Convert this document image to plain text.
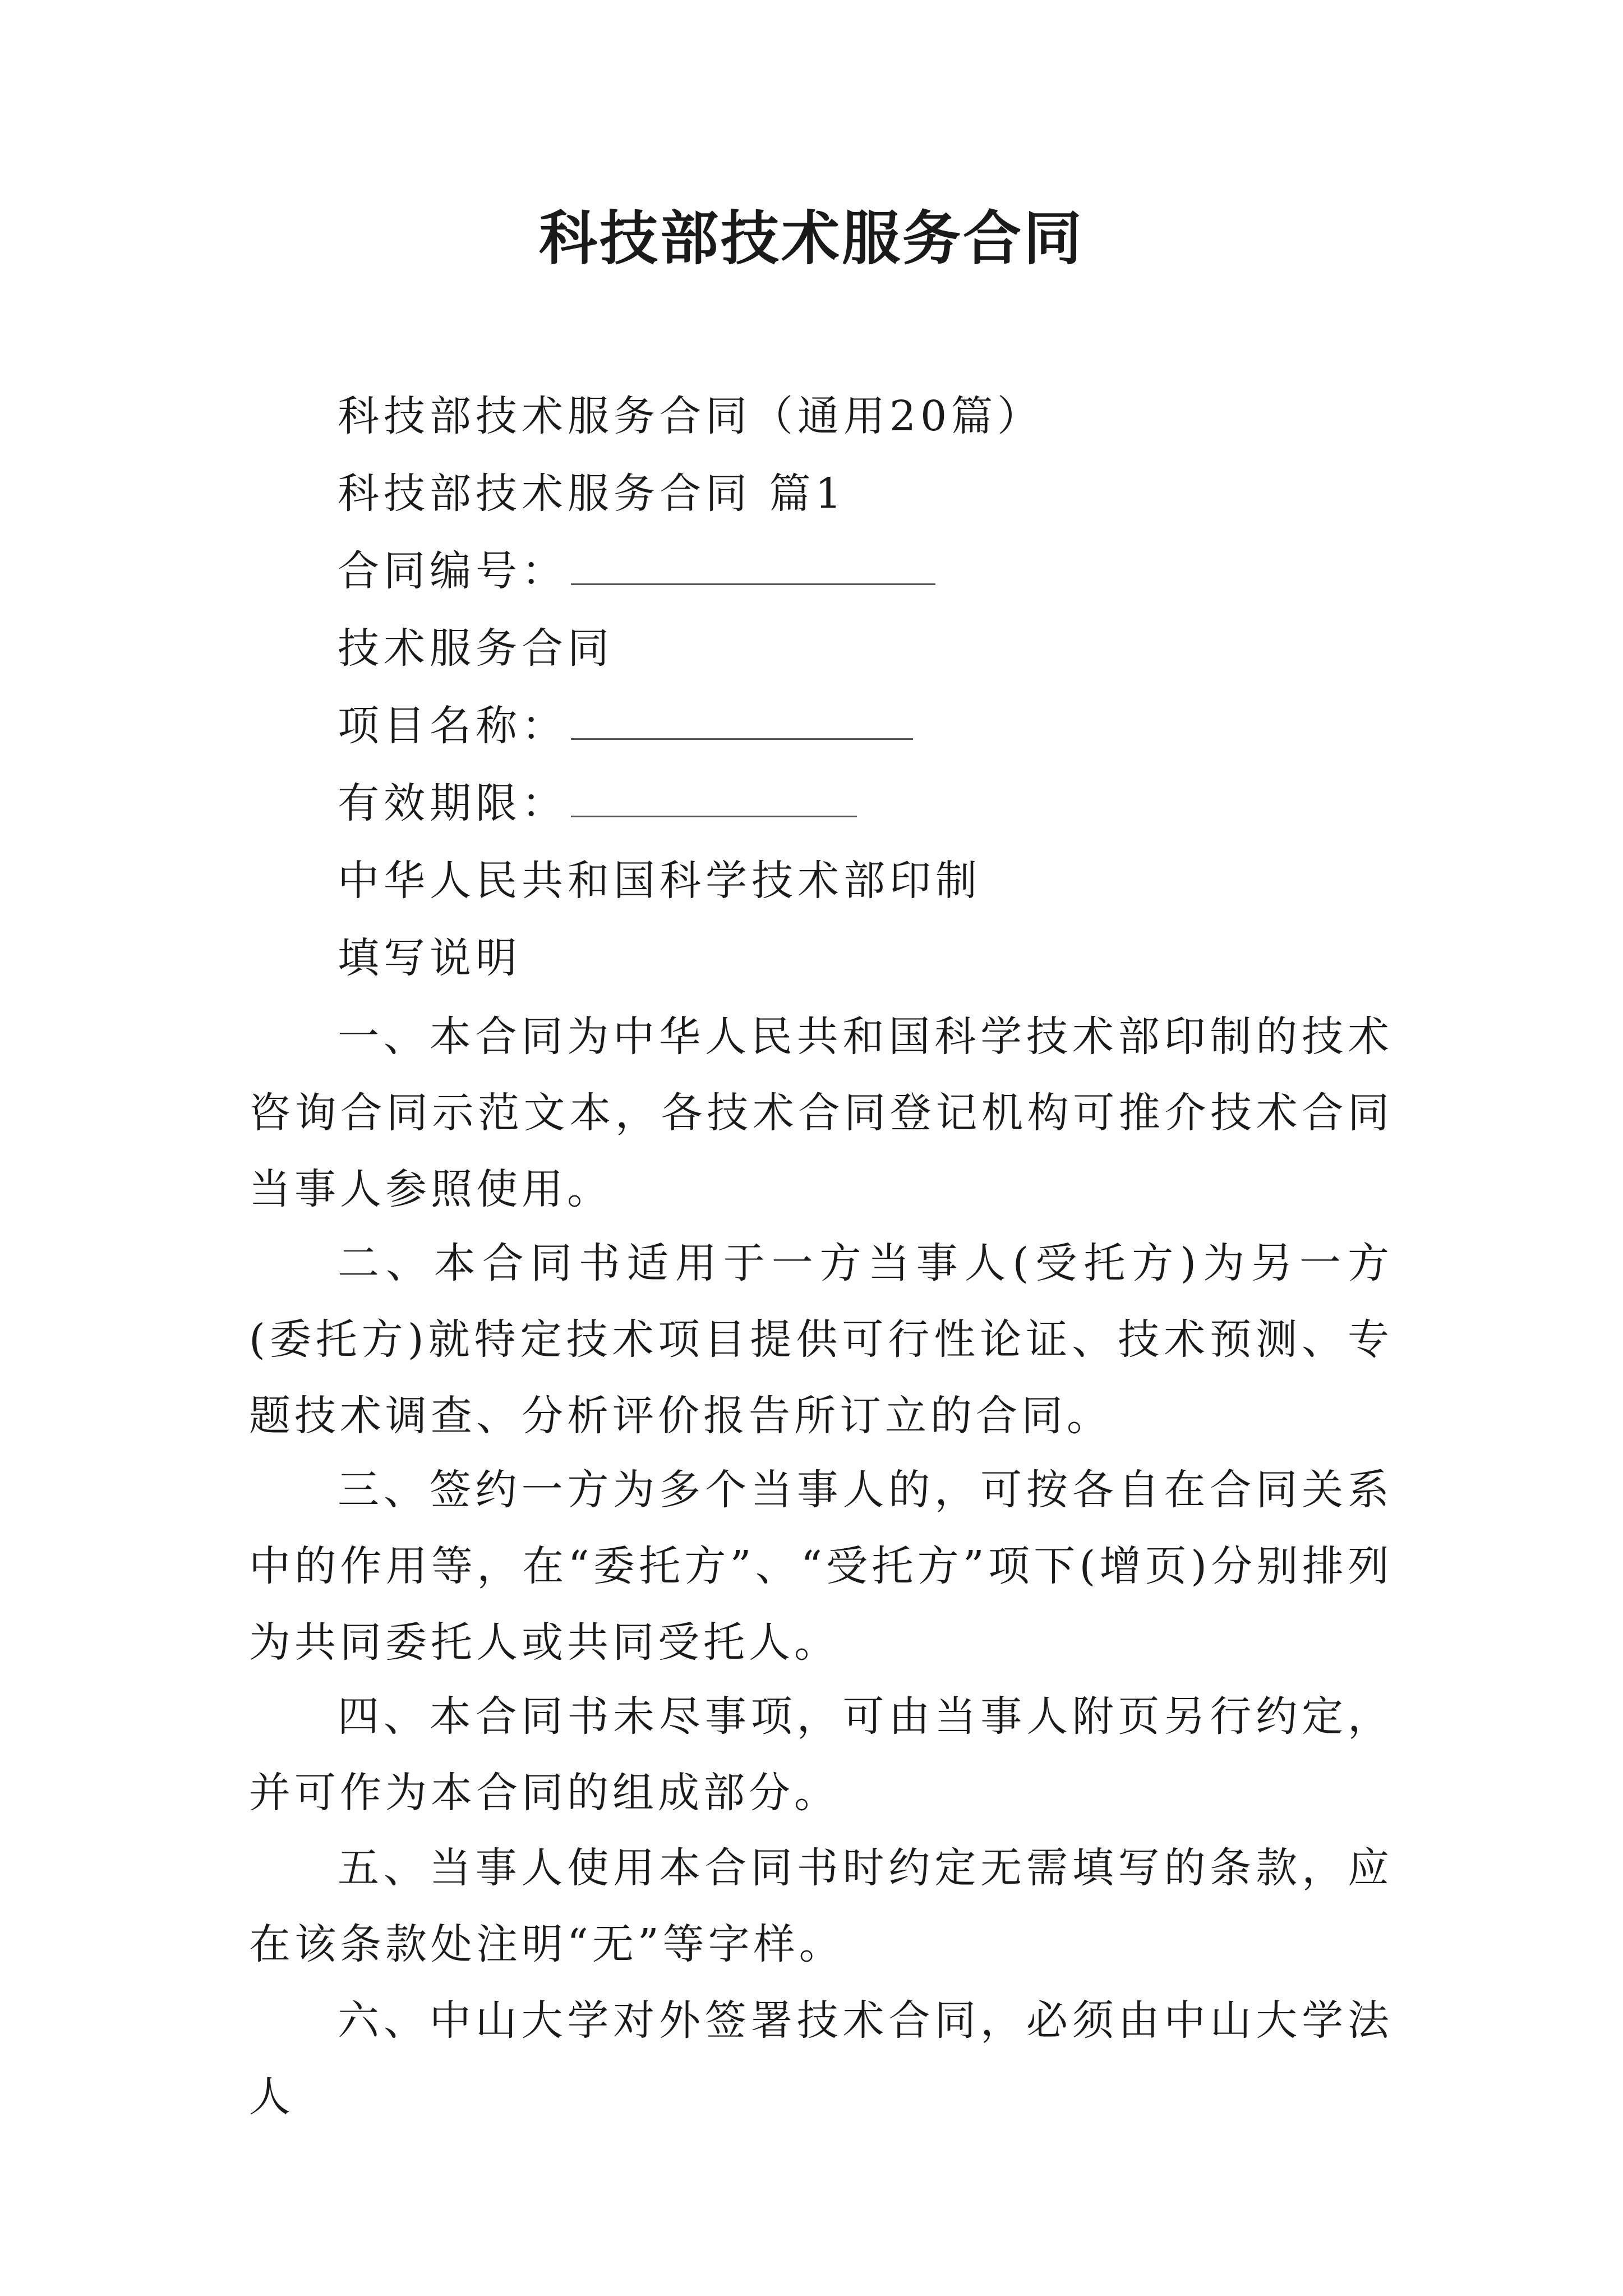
科技部技术服务合同
科技部技术服务合同（通用20篇）
科技部技术服务合同 篇1
合同编号：
技术服务合同
项目名称：
有效期限：
中华人民共和国科学技术部印制
填写说明
一、本合同为中华人民共和国科学技术部印制的技术咨询合同示范文本，各技术合同登记机构可推介技术合同当事人参照使用。
二、本合同书适用于一方当事人(受托方)为另一方(委托方)就特定技术项目提供可行性论证、技术预测、专题技术调查、分析评价报告所订立的合同。
三、签约一方为多个当事人的，可按各自在合同关系中的作用等，在“委托方”、“受托方”项下(增页)分别排列为共同委托人或共同受托人。
四、本合同书未尽事项，可由当事人附页另行约定，并可作为本合同的组成部分。
五、当事人使用本合同书时约定无需填写的条款，应在该条款处注明“无”等字样。
六、中山大学对外签署技术合同，必须由中山大学法人
